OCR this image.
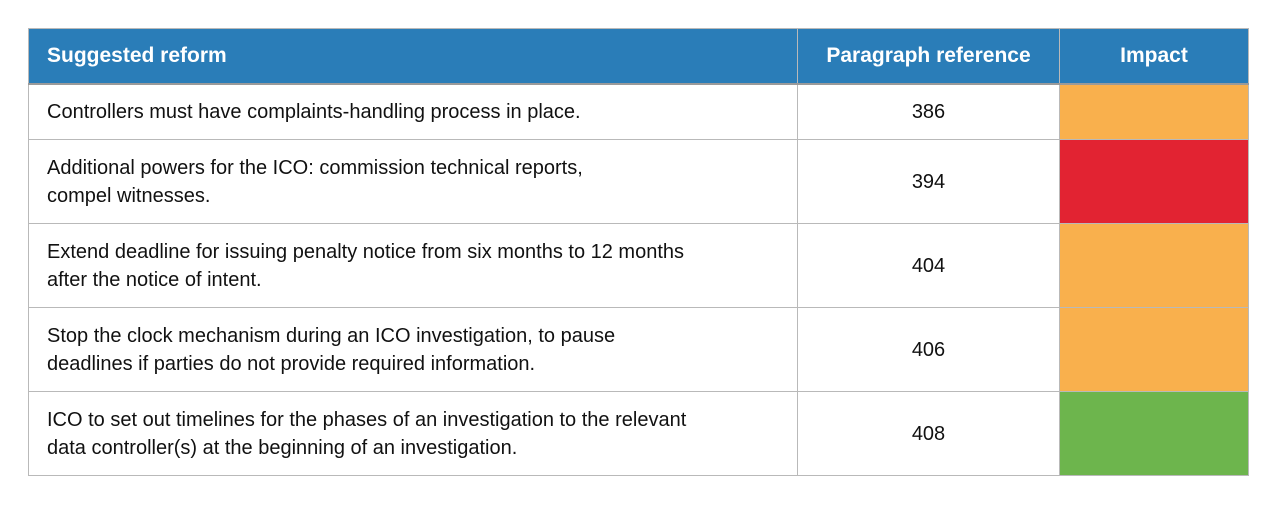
Suggested reform	Paragraph reference	Impact

Controllers must have complaints-handling process in place.	386	

Additional powers for the ICO: commission technical reports,
compel witnesses.	394	

Extend deadline for issuing penalty notice from six months to 12 months
after the notice of intent.	404	

Stop the clock mechanism during an ICO investigation, to pause
deadlines if parties do not provide required information.	406	

ICO to set out timelines for the phases of an investigation to the relevant
data controller(s) at the beginning of an investigation.	408	
